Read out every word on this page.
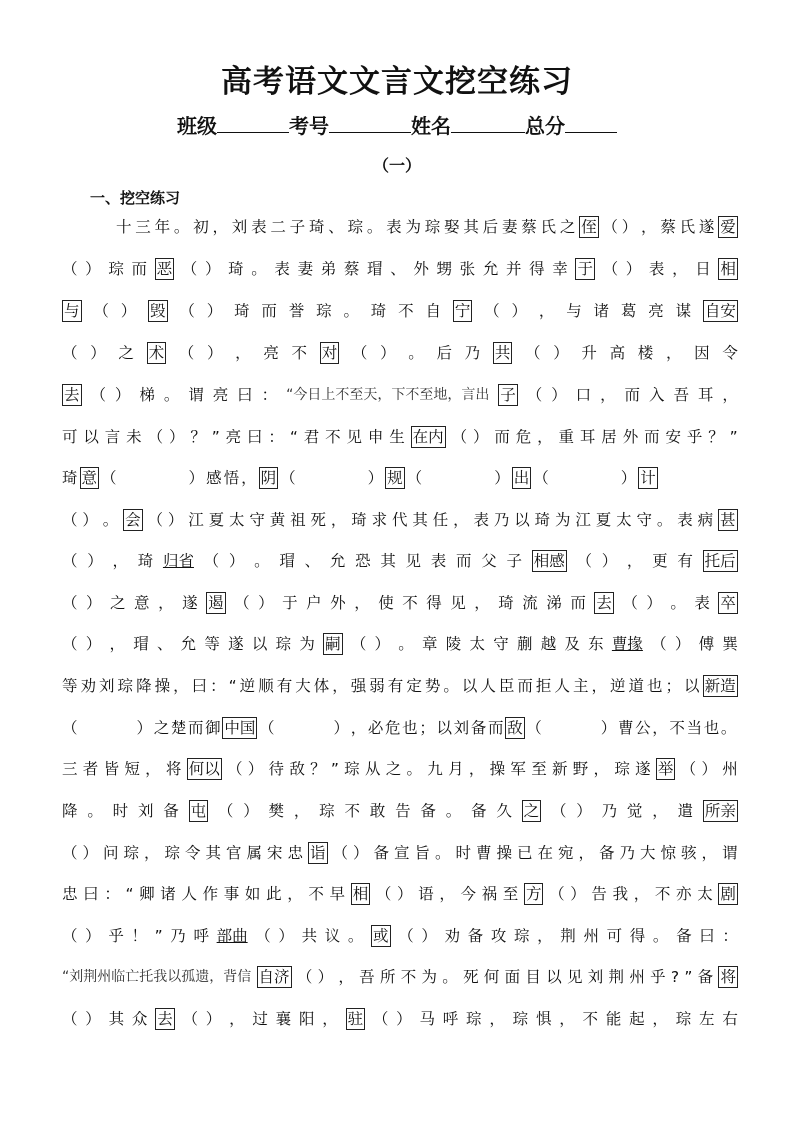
高考语文文言文挖空练习
班级	考号	姓名	总分
（一）
一、挖空练习
十 三 年 。 初 ， 刘 表 二 子 琦 、 琮 。 表 为 琮 娶 其 后 妻 蔡 氏 之 侄 （ ） ， 蔡 氏 遂 爱
（ ） 琮 而 恶 （ ） 琦 。 表 妻 弟 蔡 瑁 、 外 甥 张 允 并 得 幸 于 （ ） 表 ， 日 相
与 （ ） 毁 （ ） 琦 而 誉 琮 。 琦 不 自 宁 （ ） ， 与 诸 葛 亮 谋 自安
（ ） 之 术 （ ） ， 亮 不 对 （ ） 。 后 乃 共 （ ） 升 高 楼 ， 因 令
去 （ ） 梯 。 谓 亮 曰 ： “今日上不至天，下不至地，言出 子 （ ） 口 ， 而 入 吾 耳 ，
可 以 言 未 （ ） ？ ” 亮 曰 ： “ 君 不 见 申 生 在内 （ ） 而 危 ， 重 耳 居 外 而 安 乎 ？ ”
琦 意 （	） 感 悟 ， 阴 （	） 规 （	） 出 （	） 计
（ ） 。 会 （ ） 江 夏 太 守 黄 祖 死 ， 琦 求 代 其 任 ， 表 乃 以 琦 为 江 夏 太 守 。 表 病 甚
（ ） ， 琦 归省 （ ） 。 瑁 、 允 恐 其 见 表 而 父 子 相感 （ ） ， 更 有 托后
（ ） 之 意 ， 遂 遏 （ ） 于 户 外 ， 使 不 得 见 ， 琦 流 涕 而 去 （ ） 。 表 卒
（ ） ， 瑁 、 允 等 遂 以 琮 为 嗣 （ ） 。 章 陵 太 守 蒯 越 及 东 曹掾 （ ） 傅 巽
等 劝 刘 琮 降 操 ， 曰 ： “ 逆 顺 有 大 体 ， 强 弱 有 定 势 。 以 人 臣 而 拒 人 主 ， 逆 道 也 ； 以 新造
（	） 之 楚 而 御 中国 （	） ， 必 危 也 ； 以 刘 备 而 敌 （	） 曹 公 ， 不 当 也 。
三 者 皆 短 ， 将 何以 （ ） 待 敌 ？ ” 琮 从 之 。 九 月 ， 操 军 至 新 野 ， 琮 遂 举 （ ） 州
降 。 时 刘 备 屯 （ ） 樊 ， 琮 不 敢 告 备 。 备 久 之 （ ） 乃 觉 ， 遣 所亲
（ ） 问 琮 ， 琮 令 其 官 属 宋 忠 诣 （ ） 备 宣 旨 。 时 曹 操 已 在 宛 ， 备 乃 大 惊 骇 ， 谓
忠 曰 ： “ 卿 诸 人 作 事 如 此 ， 不 早 相 （ ） 语 ， 今 祸 至 方 （ ） 告 我 ， 不 亦 太 剧
（ ） 乎 ！ ” 乃 呼 部曲 （ ） 共 议 。 或 （ ） 劝 备 攻 琮 ， 荆 州 可 得 。 备 曰 ：
“刘荆州临亡托我以孤遗，背信 自济 （ ） ， 吾 所 不 为 。 死 何 面 目 以 见 刘 荆 州 乎 ? ” 备 将
（ ） 其 众 去 （ ） ， 过 襄 阳 ， 驻 （ ） 马 呼 琮 ， 琮 惧 ， 不 能 起 ， 琮 左 右
